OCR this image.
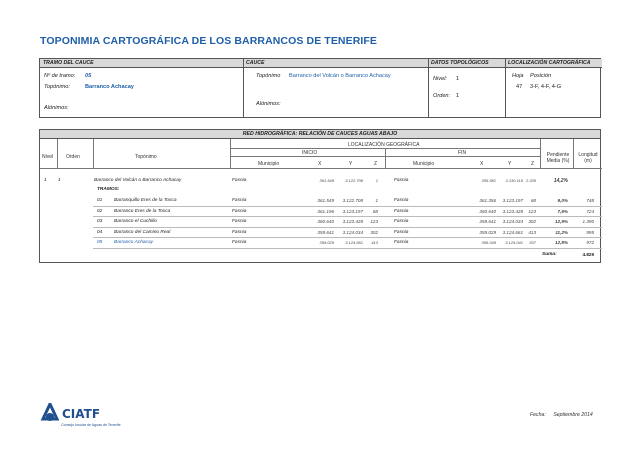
TOPONIMIA CARTOGRÁFICA DE LOS BARRANCOS DE TENERIFE
TRAMO DEL CAUCE	CAUCE	DATOS TOPOLÓGICOS	LOCALIZACIÓN CARTOGRÁFICA
Nº de tramo: 05
Topónimo:	Barranco Achacay
Alónimos:
Topónimo Barranco del Volcán o Barranco Achacay
Alónimos:
Nivel: 1
Orden: 1
Hoja Posición
47 3-F, 4-F, 4-G
RED HIDROGRÁFICA: RELACIÓN DE CAUCES AGUAS ABAJO
Nivel	Orden	Topónimo
LOCALIZACIÓN GEOGRÁFICA
INICIO	FIN
Municipio	X	Y	Z	Municipio	X	Y	Z
Pendiente Media (%)
Longitud (m)
1 1	Barranco del Volcán o Barranco Achacay	Fasnia	361.549	3.122.708	1	Fasnia	355.581 3.130.116 2.335	14,2%
TRAMOS:
01 Barranquillo Eres de la Tosca	Fasnia	361.549 3.122.708	1	Fasnia	361.356 3.123.197 68	9,0%	748
02 Barranco Eres de la Tosca	Fasnia	361.196 3.123.197 68	Fasnia	360.640 3.123.428 123	7,6%	724
03 Barranco el Cuchillo	Fasnia	360.640 3.123.428 123	Fasnia	359.641 3.124.034 302	12,9%	1.390
04 Barranco del Camino Real	Fasnia	359.641 3.124.034 302	Fasnia	359.029 3.124.661 413	11,2%	995
05 Barranco Achacay	Fasnia	359.029	3.124.661 413	Fasnia	358.349 3.125.041 537	12,8%	972
Suma:	4.829
CIATF
Consejo Insular de Aguas de Tenerife
Fecha: Septiembre 2014
